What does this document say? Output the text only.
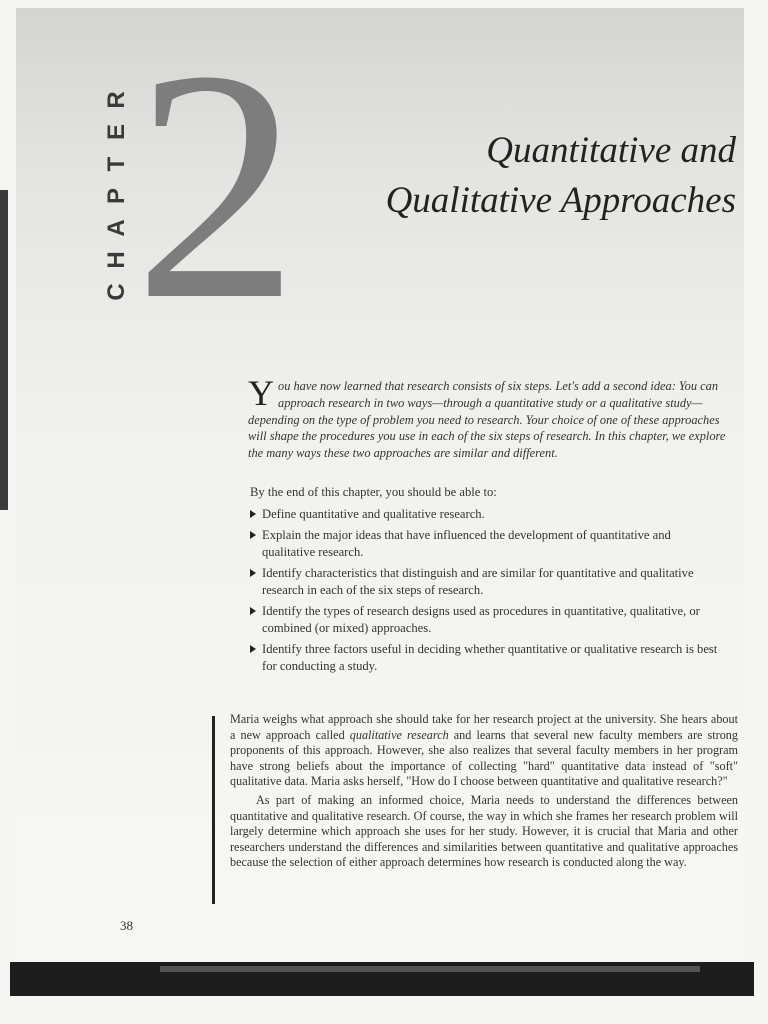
R
E
T
P
A
H
C 2	Quantitative and
Qualitative Approaches
You have now learned that research consists of six steps. Let's add a second idea: You can approach research in two ways—through a quantitative study or a qualitative study—depending on the type of problem you need to research. Your choice of one of these approaches will shape the procedures you use in each of the six steps of research. In this chapter, we explore the many ways these two approaches are similar and different.
By the end of this chapter, you should be able to:
Define quantitative and qualitative research.
Explain the major ideas that have influenced the development of quantitative and qualitative research.
Identify characteristics that distinguish and are similar for quantitative and qualitative research in each of the six steps of research.
Identify the types of research designs used as procedures in quantitative, qualitative, or combined (or mixed) approaches.
Identify three factors useful in deciding whether quantitative or qualitative research is best for conducting a study.

Maria weighs what approach she should take for her research project at the university. She hears about a new approach called qualitative research and learns that several new faculty members are strong proponents of this approach. However, she also realizes that several faculty members in her program have strong beliefs about the importance of collecting "hard" quantitative data instead of "soft" qualitative data. Maria asks herself, "How do I choose between quantitative and qualitative research?"

As part of making an informed choice, Maria needs to understand the differences between quantitative and qualitative research. Of course, the way in which she frames her research problem will largely determine which approach she uses for her study. However, it is crucial that Maria and other researchers understand the differences and similarities between quantitative and qualitative approaches because the selection of either approach determines how research is conducted along the way.

38
